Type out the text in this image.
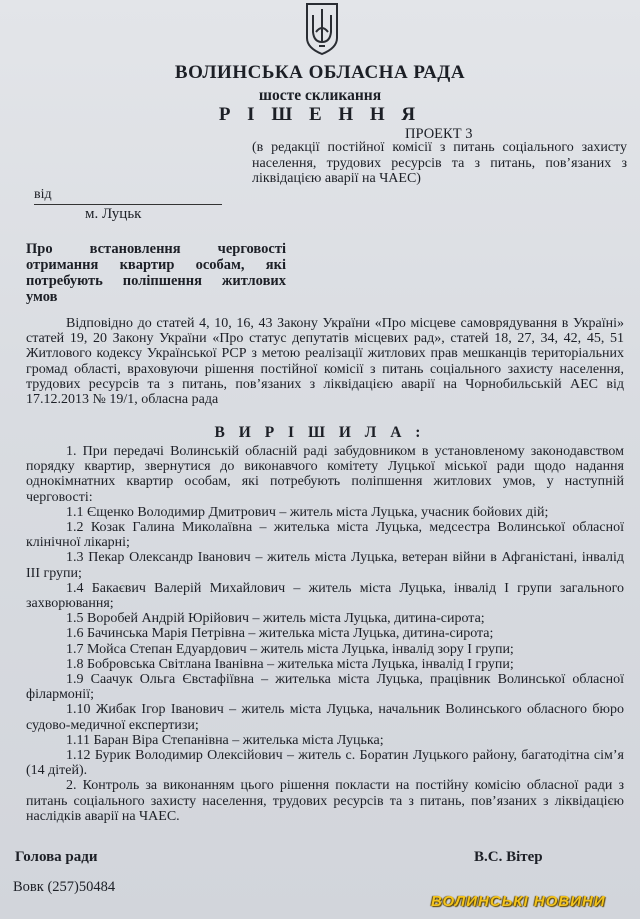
ВОЛИНСЬКА ОБЛАСНА РАДА
шосте скликання
Р І Ш Е Н Н Я
ПРОЕКТ 3
(в редакції постійної комісії з питань соціального захисту населення, трудових ресурсів та з питань, пов’язаних з ліквідацією аварії на ЧАЕС)
від
м. Луцьк
Про встановлення черговості отримання квартир особам, які потребують поліпшення житлових умов
Відповідно до статей 4, 10, 16, 43 Закону України «Про місцеве самоврядування в Україні» статей 19, 20 Закону України «Про статус депутатів місцевих рад», статей 18, 27, 34, 42, 45, 51 Житлового кодексу Української РСР з метою реалізації житлових прав мешканців територіальних громад області, враховуючи рішення постійної комісії з питань соціального захисту населення, трудових ресурсів та з питань, пов’язаних з ліквідацією аварії на Чорнобильській АЕС від 17.12.2013 № 19/1, обласна рада
В И Р І Ш И Л А :

1. При передачі Волинській обласній раді забудовником в установленому законодавством порядку квартир, звернутися до виконавчого комітету Луцької міської ради щодо надання однокімнатних квартир особам, які потребують поліпшення житлових умов, у наступній черговості:

1.1 Єщенко Володимир Дмитрович – житель міста Луцька, учасник бойових дій;

1.2 Козак Галина Миколаївна – жителька міста Луцька, медсестра Волинської обласної клінічної лікарні;

1.3 Пекар Олександр Іванович – житель міста Луцька, ветеран війни в Афганістані, інвалід ІІІ групи;

1.4 Бакаєвич Валерій Михайлович – житель міста Луцька, інвалід І групи загального захворювання;

1.5 Воробей Андрій Юрійович – житель міста Луцька, дитина-сирота;

1.6 Бачинська Марія Петрівна – жителька міста Луцька, дитина-сирота;

1.7 Мойса Степан Едуардович – житель міста Луцька, інвалід зору І групи;

1.8 Бобровська Світлана Іванівна – жителька міста Луцька, інвалід І групи;

1.9 Саачук Ольга Євстафіївна – жителька міста Луцька, працівник Волинської обласної філармонії;

1.10 Жибак Ігор Іванович – житель міста Луцька, начальник Волинського обласного бюро судово-медичної експертизи;

1.11 Баран Віра Степанівна – жителька міста Луцька;

1.12 Бурик Володимир Олексійович – житель с. Боратин Луцького району, багатодітна сім’я (14 дітей).

2. Контроль за виконанням цього рішення покласти на постійну комісію обласної ради з питань соціального захисту населення, трудових ресурсів та з питань, пов’язаних з ліквідацією наслідків аварії на ЧАЕС.

Голова ради	В.С. Вітер
Вовк (257)50484
ВОЛИНСЬКІ НОВИНИ
